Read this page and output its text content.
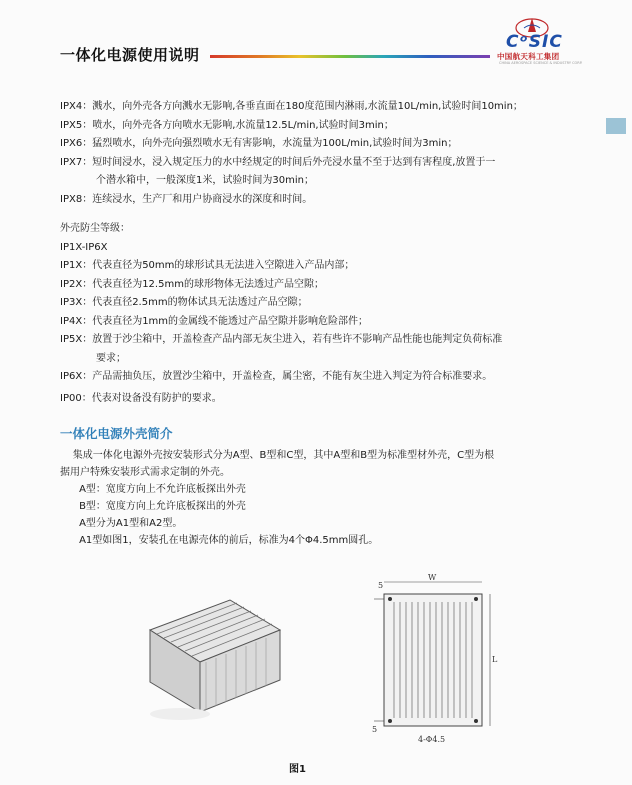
一体化电源使用说明
CᵒSIC
中国航天科工集团
CHINA AEROSPACE SCIENCE & INDUSTRY CORP.
IPX4：溅水，向外壳各方向溅水无影响,各垂直面在180度范围内淋雨,水流量10L/min,试验时间10min；
IPX5：喷水，向外壳各方向喷水无影响,水流量12.5L/min,试验时间3min；
IPX6：猛烈喷水，向外壳向强烈喷水无有害影响，水流量为100L/min,试验时间为3min；
IPX7：短时间浸水，浸入规定压力的水中经规定的时间后外壳浸水量不至于达到有害程度,放置于一
个潜水箱中，一般深度1米，试验时间为30min；
IPX8：连续浸水，生产厂和用户协商浸水的深度和时间。
外壳防尘等级：
IP1X-IP6X
IP1X：代表直径为50mm的球形试具无法进入空隙进入产品内部；
IP2X：代表直径为12.5mm的球形物体无法透过产品空隙；
IP3X：代表直径2.5mm的物体试具无法透过产品空隙；
IP4X：代表直径为1mm的金属线不能透过产品空隙并影响危险部件；
IP5X：放置于沙尘箱中，开盖检查产品内部无灰尘进入，若有些许不影响产品性能也能判定负荷标准
要求；
IP6X：产品需抽负压，放置沙尘箱中，开盖检查，属尘密，不能有灰尘进入判定为符合标准要求。
IP00：代表对设备没有防护的要求。
一体化电源外壳简介
集成一体化电源外壳按安装形式分为A型、B型和C型，其中A型和B型为标准型材外壳，C型为根
据用户特殊安装形式需求定制的外壳。
A型：宽度方向上不允许底板探出外壳
B型：宽度方向上允许底板探出的外壳
A型分为A1型和A2型。
A1型如图1，安装孔在电源壳体的前后，标准为4个Φ4.5mm圆孔。
W
L
5
5
4-Φ4.5
图1
